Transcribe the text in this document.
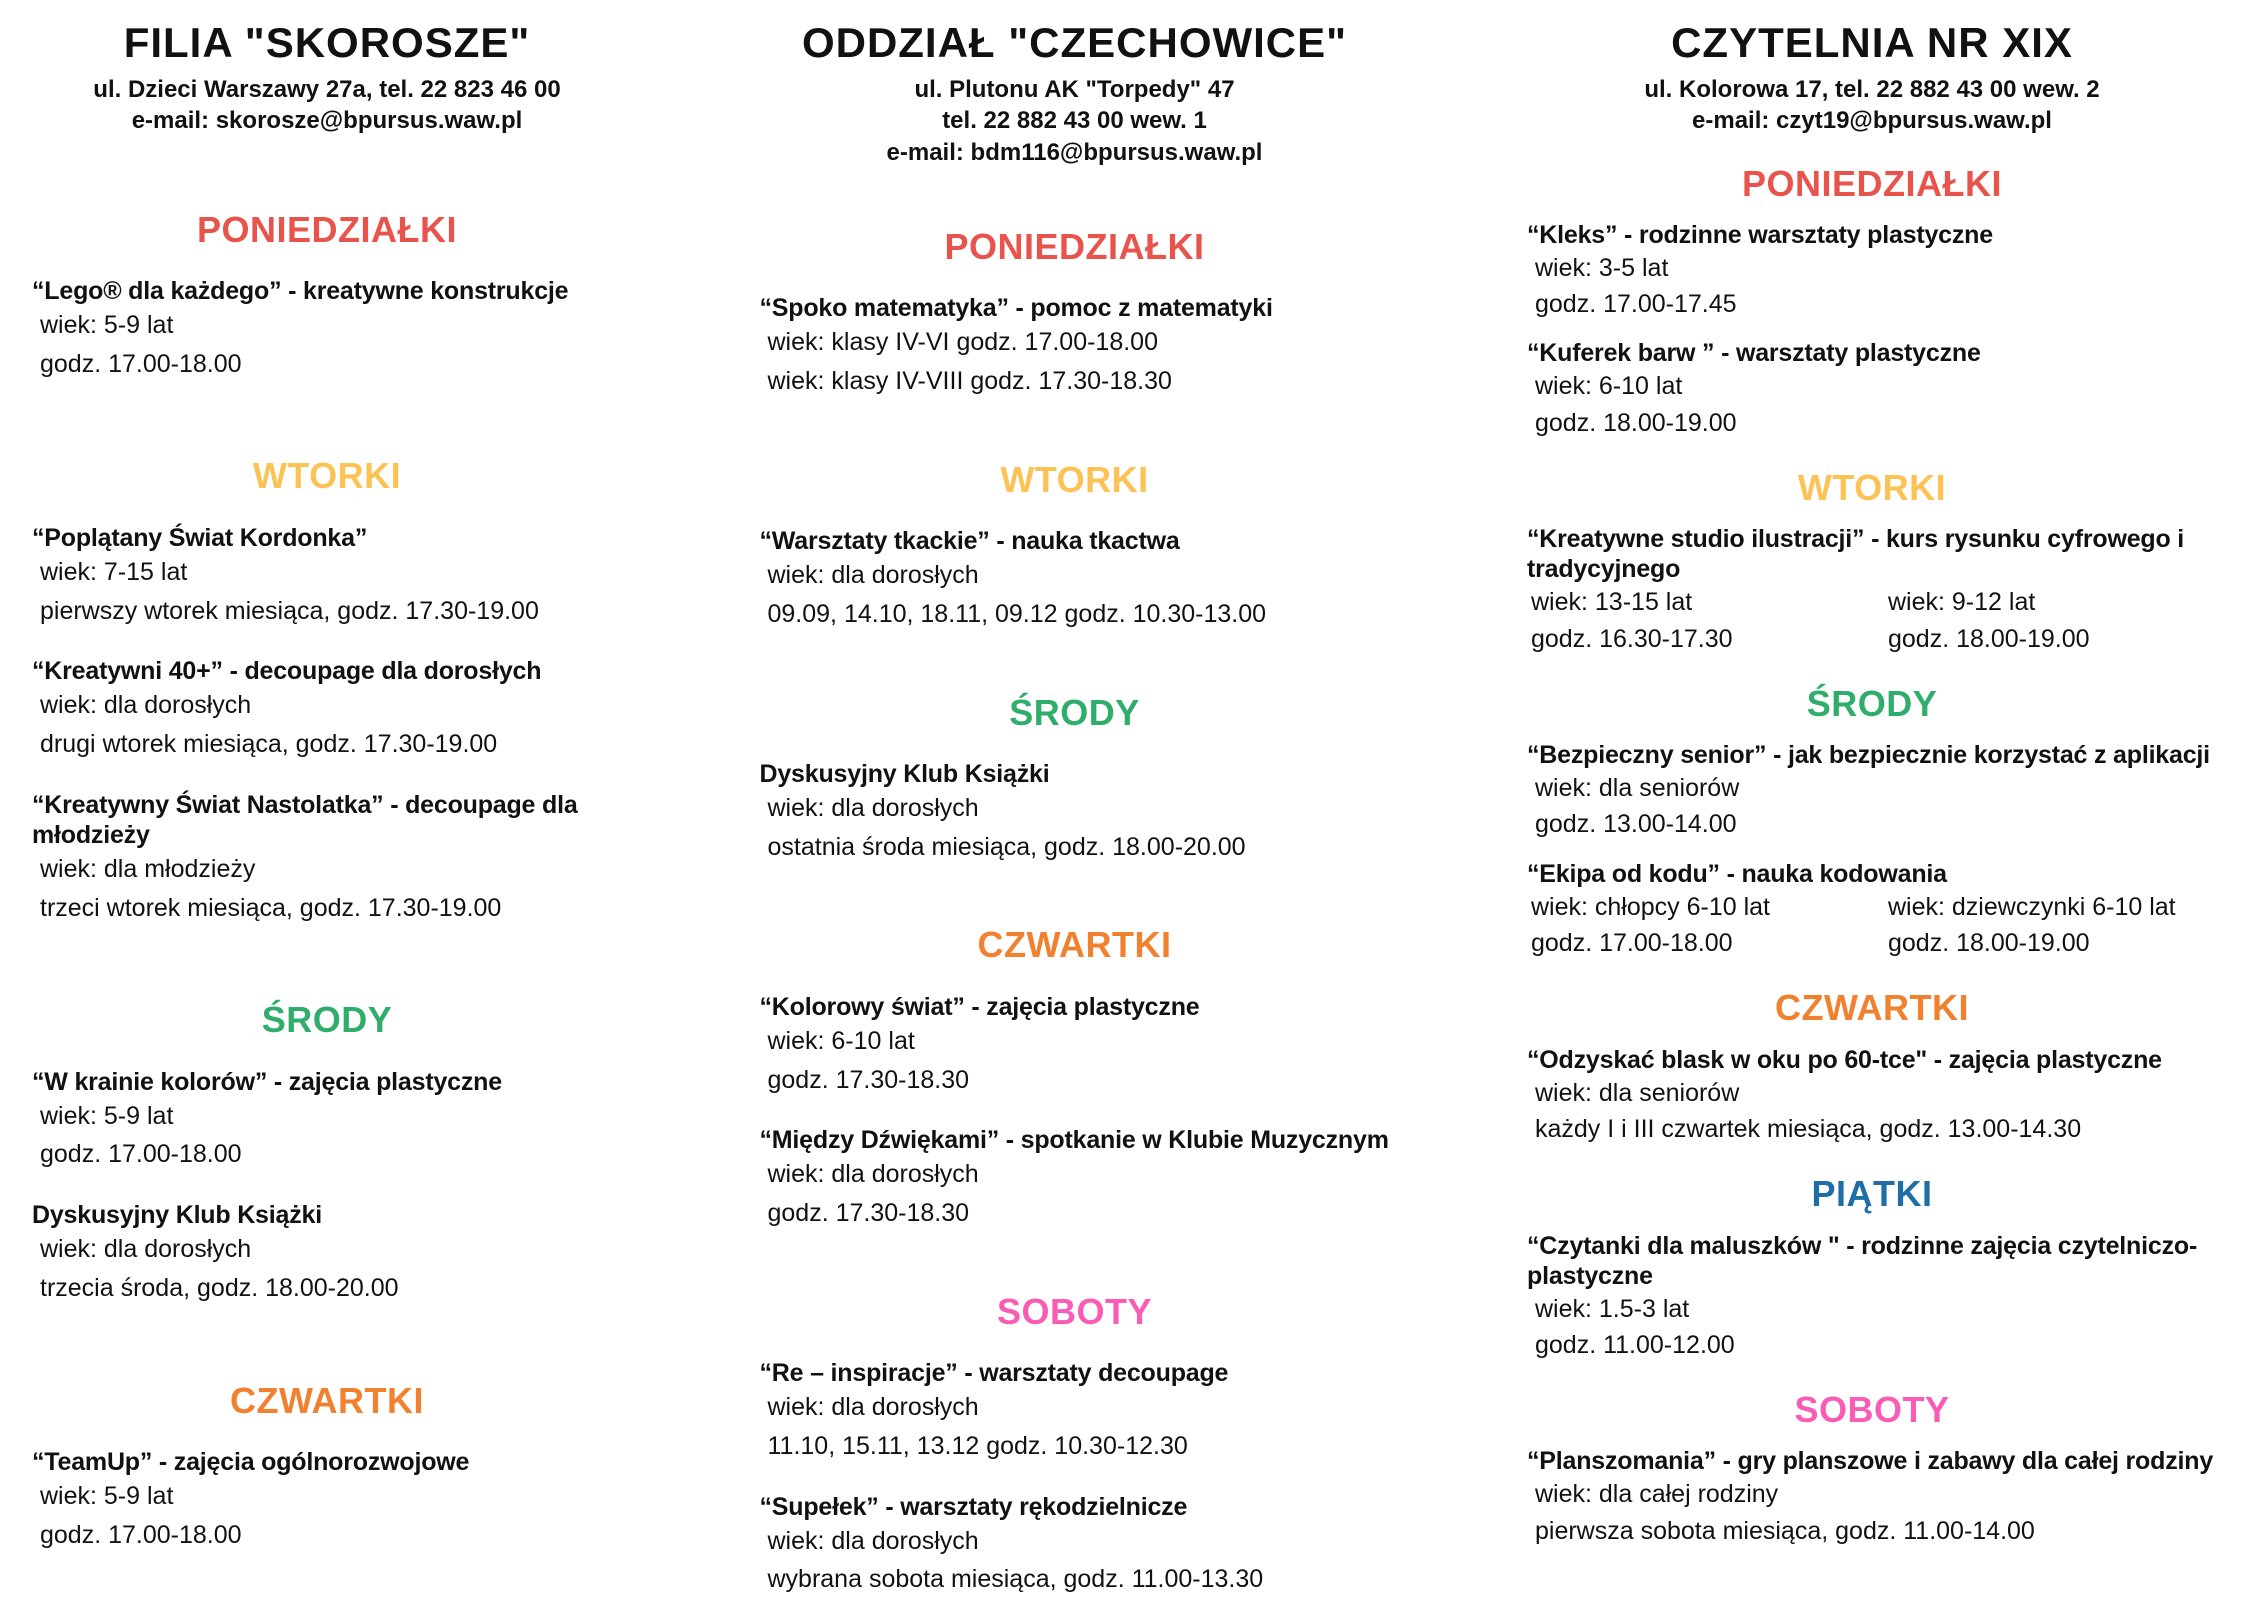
FILIA "SKOROSZE"
ul. Dzieci Warszawy 27a, tel. 22 823 46 00
e-mail: skorosze@bpursus.waw.pl
PONIEDZIAŁKI
“Lego® dla każdego” - kreatywne konstrukcje
wiek: 5-9 lat
godz. 17.00-18.00
WTORKI
“Poplątany Świat Kordonka”
wiek: 7-15 lat
pierwszy wtorek miesiąca, godz. 17.30-19.00
“Kreatywni 40+” - decoupage dla dorosłych
wiek: dla dorosłych
drugi wtorek miesiąca, godz. 17.30-19.00
“Kreatywny Świat Nastolatka” - decoupage dla młodzieży
wiek: dla młodzieży
trzeci wtorek miesiąca, godz. 17.30-19.00
ŚRODY
“W krainie kolorów” - zajęcia plastyczne
wiek: 5-9 lat
godz. 17.00-18.00
Dyskusyjny Klub Książki
wiek: dla dorosłych
trzecia środa, godz. 18.00-20.00
CZWARTKI
“TeamUp” - zajęcia ogólnorozwojowe
wiek: 5-9 lat
godz. 17.00-18.00
ODDZIAŁ "CZECHOWICE"
ul. Plutonu AK "Torpedy" 47
tel. 22 882 43 00 wew. 1
e-mail: bdm116@bpursus.waw.pl
PONIEDZIAŁKI
“Spoko matematyka” - pomoc z matematyki
wiek: klasy IV-VI godz. 17.00-18.00
wiek: klasy IV-VIII godz. 17.30-18.30
WTORKI
“Warsztaty tkackie” - nauka tkactwa
wiek: dla dorosłych
09.09, 14.10, 18.11, 09.12 godz. 10.30-13.00
ŚRODY
Dyskusyjny Klub Książki
wiek: dla dorosłych
ostatnia środa miesiąca, godz. 18.00-20.00
CZWARTKI
“Kolorowy świat” - zajęcia plastyczne
wiek: 6-10 lat
godz. 17.30-18.30
“Między Dźwiękami” - spotkanie w Klubie Muzycznym
wiek: dla dorosłych
godz. 17.30-18.30
SOBOTY
“Re – inspiracje” - warsztaty decoupage
wiek: dla dorosłych
11.10, 15.11, 13.12 godz. 10.30-12.30
“Supełek” - warsztaty rękodzielnicze
wiek: dla dorosłych
wybrana sobota miesiąca, godz. 11.00-13.30
CZYTELNIA NR XIX
ul. Kolorowa 17, tel. 22 882 43 00 wew. 2
e-mail: czyt19@bpursus.waw.pl
PONIEDZIAŁKI
“Kleks” - rodzinne warsztaty plastyczne
wiek: 3-5 lat
godz. 17.00-17.45
“Kuferek barw ” - warsztaty plastyczne
wiek: 6-10 lat
godz. 18.00-19.00
WTORKI
“Kreatywne studio ilustracji” - kurs rysunku cyfrowego i tradycyjnego
wiek: 13-15 lat
godz. 16.30-17.30
wiek: 9-12 lat
godz. 18.00-19.00
ŚRODY
“Bezpieczny senior” - jak bezpiecznie korzystać z aplikacji
wiek: dla seniorów
godz. 13.00-14.00
“Ekipa od kodu” - nauka kodowania
wiek: chłopcy 6-10 lat
godz. 17.00-18.00
wiek: dziewczynki 6-10 lat
godz. 18.00-19.00
CZWARTKI
“Odzyskać blask w oku po 60-tce" - zajęcia plastyczne
wiek: dla seniorów
każdy I i III czwartek miesiąca, godz. 13.00-14.30
PIĄTKI
“Czytanki dla maluszków " - rodzinne zajęcia czytelniczo-plastyczne
wiek: 1.5-3 lat
godz. 11.00-12.00
SOBOTY
“Planszomania” - gry planszowe i zabawy dla całej rodziny
wiek: dla całej rodziny
pierwsza sobota miesiąca, godz. 11.00-14.00
